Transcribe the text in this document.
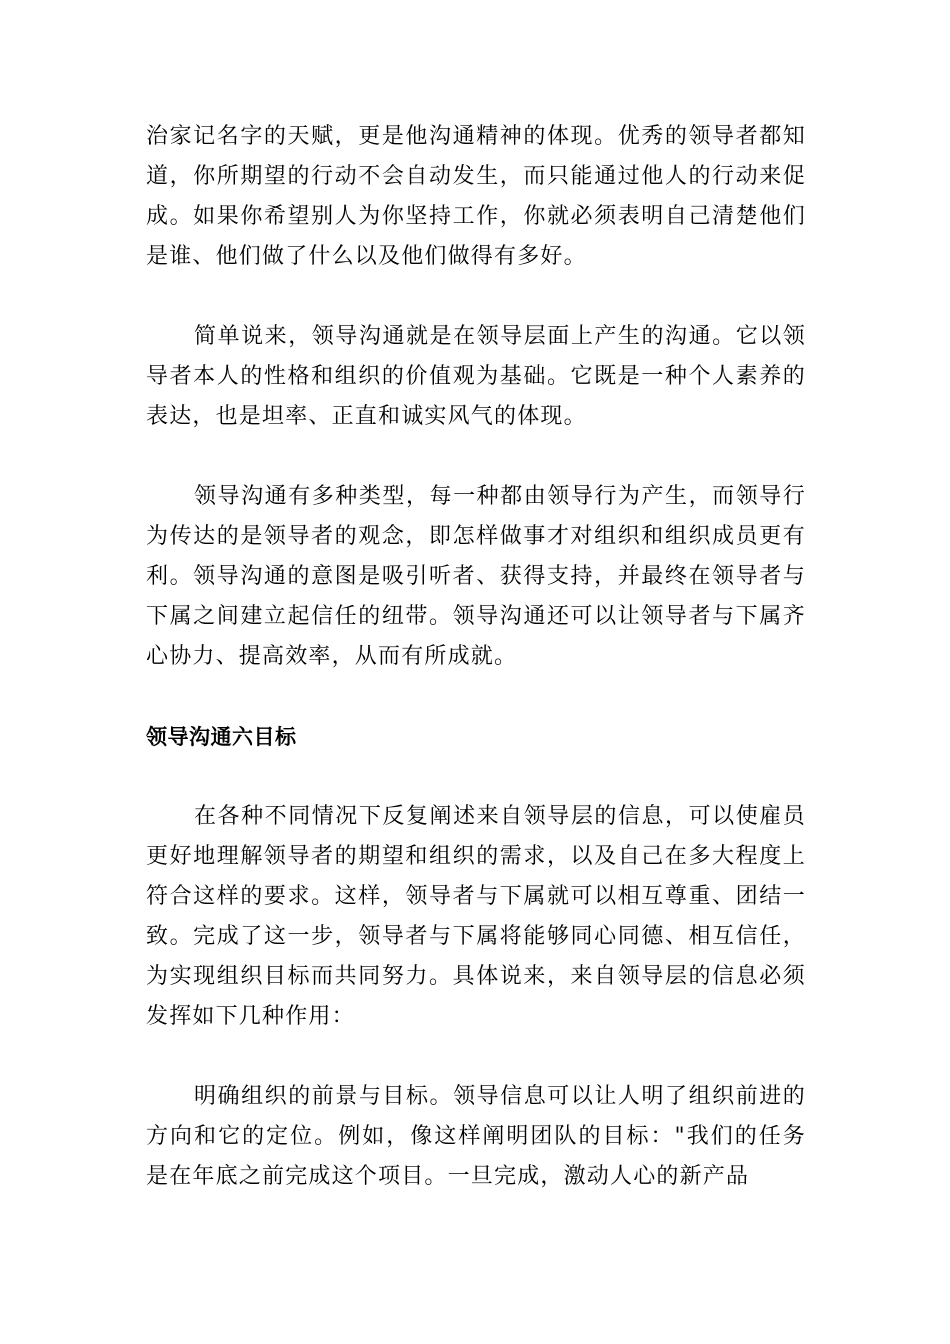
治家记名字的天赋，更是他沟通精神的体现。优秀的领导者都知道，你所期望的行动不会自动发生，而只能通过他人的行动来促成。如果你希望别人为你坚持工作，你就必须表明自己清楚他们是谁、他们做了什么以及他们做得有多好。

简单说来，领导沟通就是在领导层面上产生的沟通。它以领导者本人的性格和组织的价值观为基础。它既是一种个人素养的表达，也是坦率、正直和诚实风气的体现。

领导沟通有多种类型，每一种都由领导行为产生，而领导行为传达的是领导者的观念，即怎样做事才对组织和组织成员更有利。领导沟通的意图是吸引听者、获得支持，并最终在领导者与下属之间建立起信任的纽带。领导沟通还可以让领导者与下属齐心协力、提高效率，从而有所成就。

领导沟通六目标

在各种不同情况下反复阐述来自领导层的信息，可以使雇员更好地理解领导者的期望和组织的需求，以及自己在多大程度上符合这样的要求。这样，领导者与下属就可以相互尊重、团结一致。完成了这一步，领导者与下属将能够同心同德、相互信任，为实现组织目标而共同努力。具体说来，来自领导层的信息必须发挥如下几种作用：

明确组织的前景与目标。领导信息可以让人明了组织前进的方向和它的定位。例如，像这样阐明团队的目标："我们的任务是在年底之前完成这个项目。一旦完成，激动人心的新产品
